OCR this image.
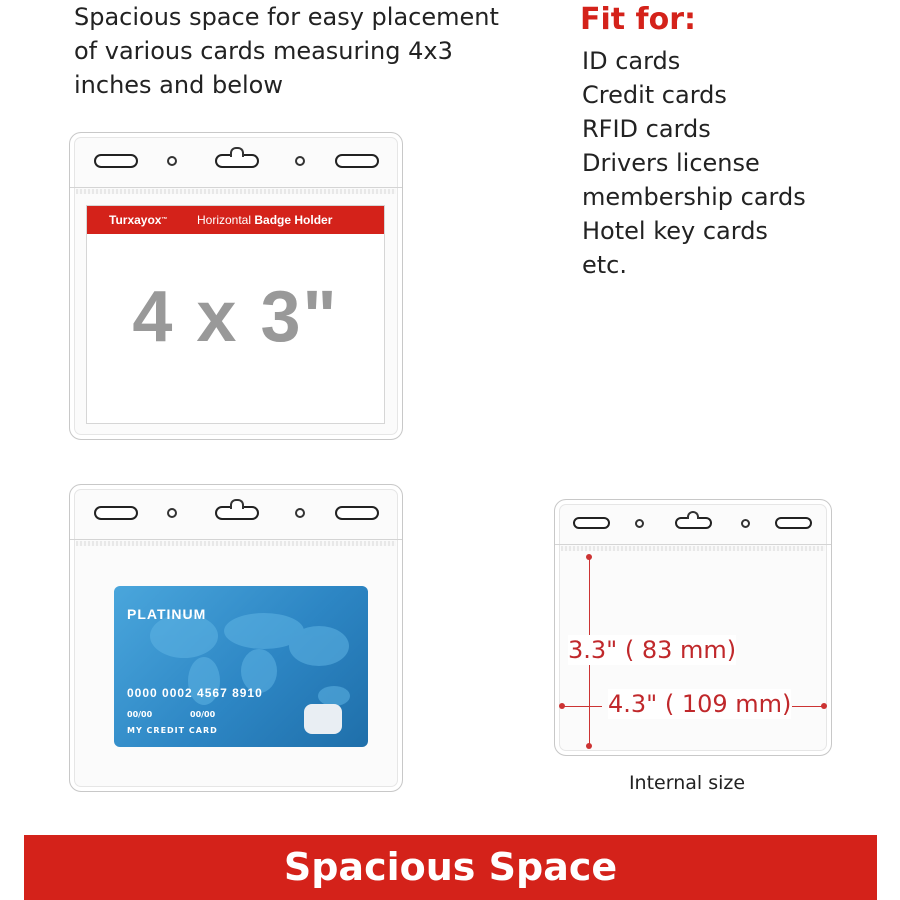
Spacious space for easy placement of various cards measuring 4x3 inches and below
Fit for:
ID cards
Credit cards
RFID cards
Drivers license
membership cards
Hotel key cards
etc.
Turxayox™ Horizontal Badge Holder
4 x 3"
PLATINUM
0000 0002 4567 8910
00/00	00/00
MY CREDIT CARD
3.3" ( 83 mm)
4.3" ( 109 mm)
Internal size
Spacious Space
